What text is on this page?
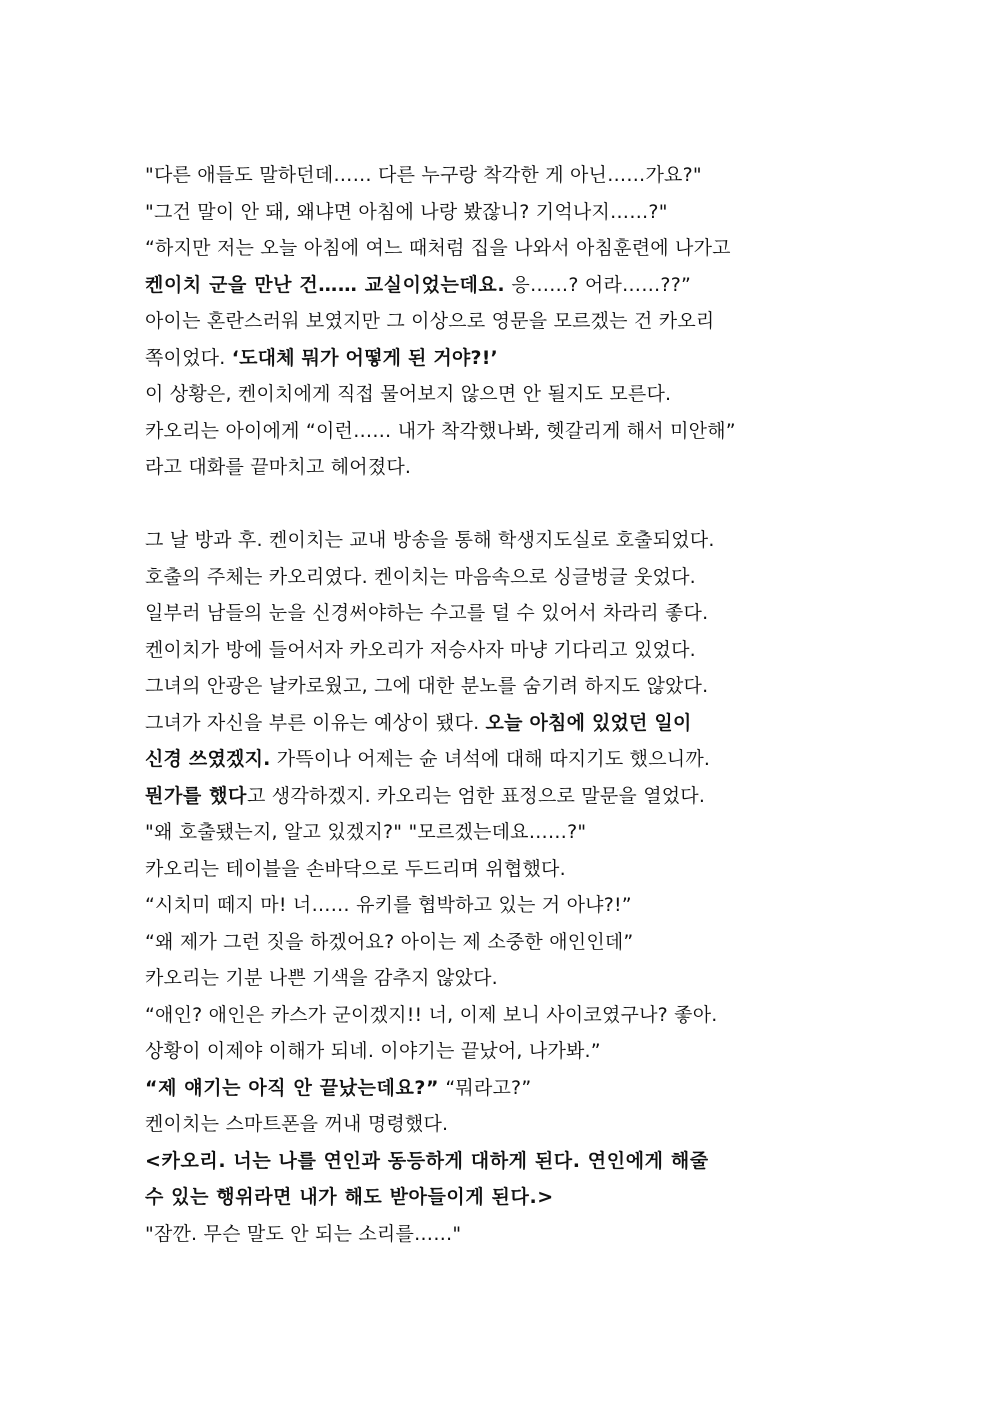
"다른 애들도 말하던데…… 다른 누구랑 착각한 게 아닌……가요?"
"그건 말이 안 돼, 왜냐면 아침에 나랑 봤잖니? 기억나지……?"
“하지만 저는 오늘 아침에 여느 때처럼 집을 나와서 아침훈련에 나가고
켄이치 군을 만난 건…… 교실이었는데요. 응……? 어라……??”
아이는 혼란스러워 보였지만 그 이상으로 영문을 모르겠는 건 카오리
쪽이었다. ‘도대체 뭐가 어떻게 된 거야?!’
이 상황은, 켄이치에게 직접 물어보지 않으면 안 될지도 모른다.
카오리는 아이에게 “이런…… 내가 착각했나봐, 헷갈리게 해서 미안해”
라고 대화를 끝마치고 헤어졌다.
그 날 방과 후. 켄이치는 교내 방송을 통해 학생지도실로 호출되었다.
호출의 주체는 카오리였다. 켄이치는 마음속으로 싱글벙글 웃었다.
일부러 남들의 눈을 신경써야하는 수고를 덜 수 있어서 차라리 좋다.
켄이치가 방에 들어서자 카오리가 저승사자 마냥 기다리고 있었다.
그녀의 안광은 날카로웠고, 그에 대한 분노를 숨기려 하지도 않았다.
그녀가 자신을 부른 이유는 예상이 됐다. 오늘 아침에 있었던 일이
신경 쓰였겠지. 가뜩이나 어제는 슌 녀석에 대해 따지기도 했으니까.
뭔가를 했다고 생각하겠지. 카오리는 엄한 표정으로 말문을 열었다.
"왜 호출됐는지, 알고 있겠지?" "모르겠는데요……?"
카오리는 테이블을 손바닥으로 두드리며 위협했다.
“시치미 떼지 마! 너…… 유키를 협박하고 있는 거 아냐?!”
“왜 제가 그런 짓을 하겠어요? 아이는 제 소중한 애인인데”
카오리는 기분 나쁜 기색을 감추지 않았다.
“애인? 애인은 카스가 군이겠지!! 너, 이제 보니 사이코였구나? 좋아.
상황이 이제야 이해가 되네. 이야기는 끝났어, 나가봐.”
“제 얘기는 아직 안 끝났는데요?” “뭐라고?”
켄이치는 스마트폰을 꺼내 명령했다.
<카오리. 너는 나를 연인과 동등하게 대하게 된다. 연인에게 해줄
수 있는 행위라면 내가 해도 받아들이게 된다.>
"잠깐. 무슨 말도 안 되는 소리를……"
